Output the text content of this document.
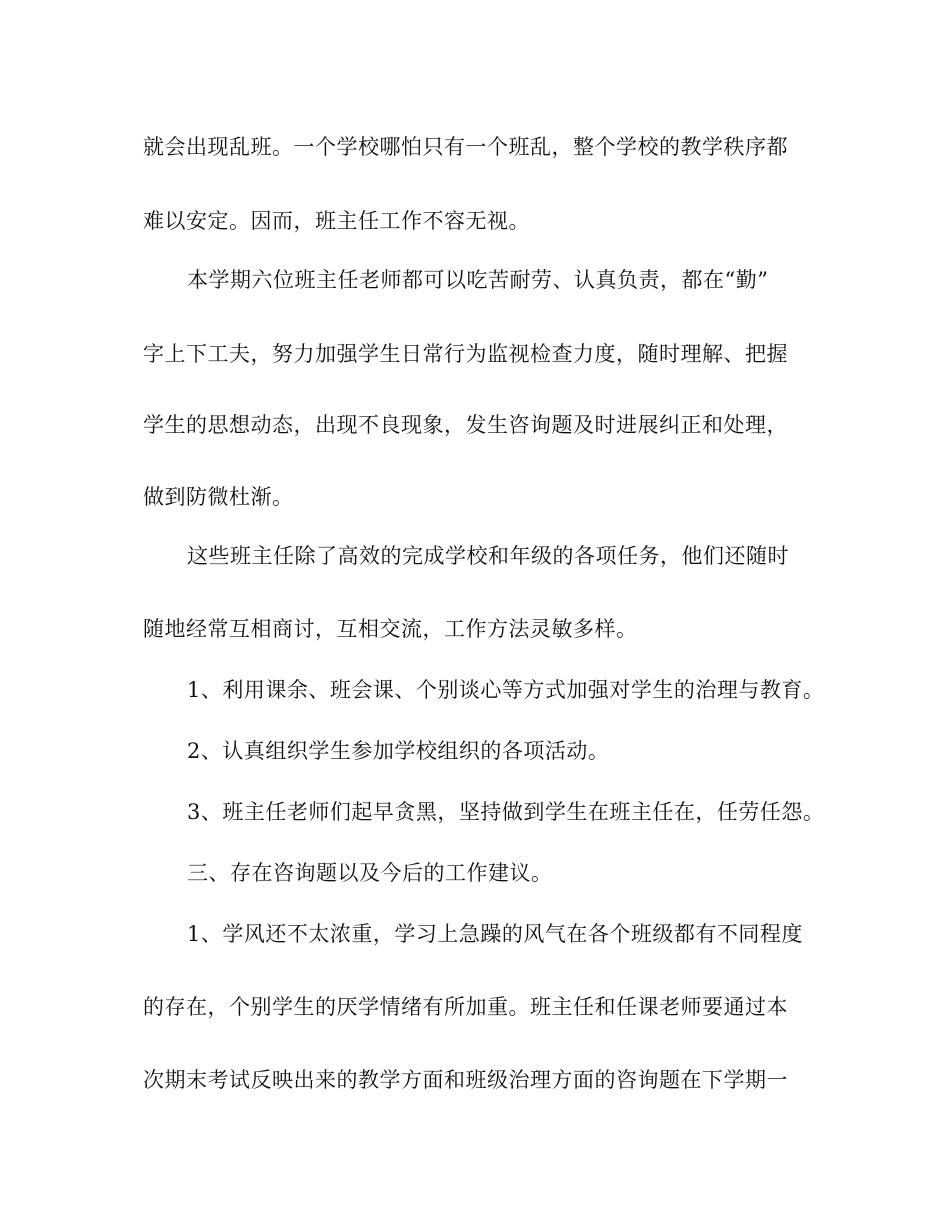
就会出现乱班。一个学校哪怕只有一个班乱，整个学校的教学秩序都
难以安定。因而，班主任工作不容无视。
本学期六位班主任老师都可以吃苦耐劳、认真负责，都在“勤”
字上下工夫，努力加强学生日常行为监视检查力度，随时理解、把握
学生的思想动态，出现不良现象，发生咨询题及时进展纠正和处理，
做到防微杜渐。
这些班主任除了高效的完成学校和年级的各项任务，他们还随时
随地经常互相商讨，互相交流，工作方法灵敏多样。
1、利用课余、班会课、个别谈心等方式加强对学生的治理与教育。
2、认真组织学生参加学校组织的各项活动。
3、班主任老师们起早贪黑，坚持做到学生在班主任在，任劳任怨。
三、存在咨询题以及今后的工作建议。
1、学风还不太浓重，学习上急躁的风气在各个班级都有不同程度
的存在，个别学生的厌学情绪有所加重。班主任和任课老师要通过本
次期末考试反映出来的教学方面和班级治理方面的咨询题在下学期一
